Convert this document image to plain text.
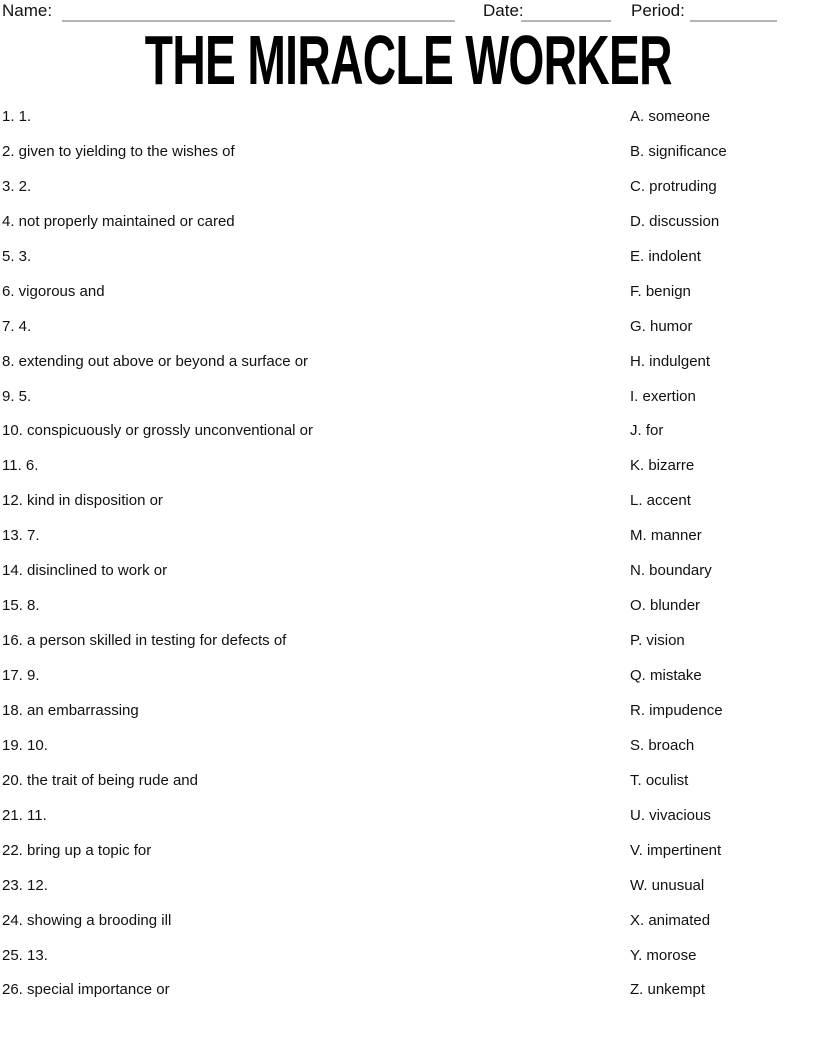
Name:	Date:	Period:
THE MIRACLE WORKER
1. 1.
2. given to yielding to the wishes of
3. 2.
4. not properly maintained or cared
5. 3.
6. vigorous and
7. 4.
8. extending out above or beyond a surface or
9. 5.
10. conspicuously or grossly unconventional or
11. 6.
12. kind in disposition or
13. 7.
14. disinclined to work or
15. 8.
16. a person skilled in testing for defects of
17. 9.
18. an embarrassing
19. 10.
20. the trait of being rude and
21. 11.
22. bring up a topic for
23. 12.
24. showing a brooding ill
25. 13.
26. special importance or
A. someone
B. significance
C. protruding
D. discussion
E. indolent
F. benign
G. humor
H. indulgent
I. exertion
J. for
K. bizarre
L. accent
M. manner
N. boundary
O. blunder
P. vision
Q. mistake
R. impudence
S. broach
T. oculist
U. vivacious
V. impertinent
W. unusual
X. animated
Y. morose
Z. unkempt
